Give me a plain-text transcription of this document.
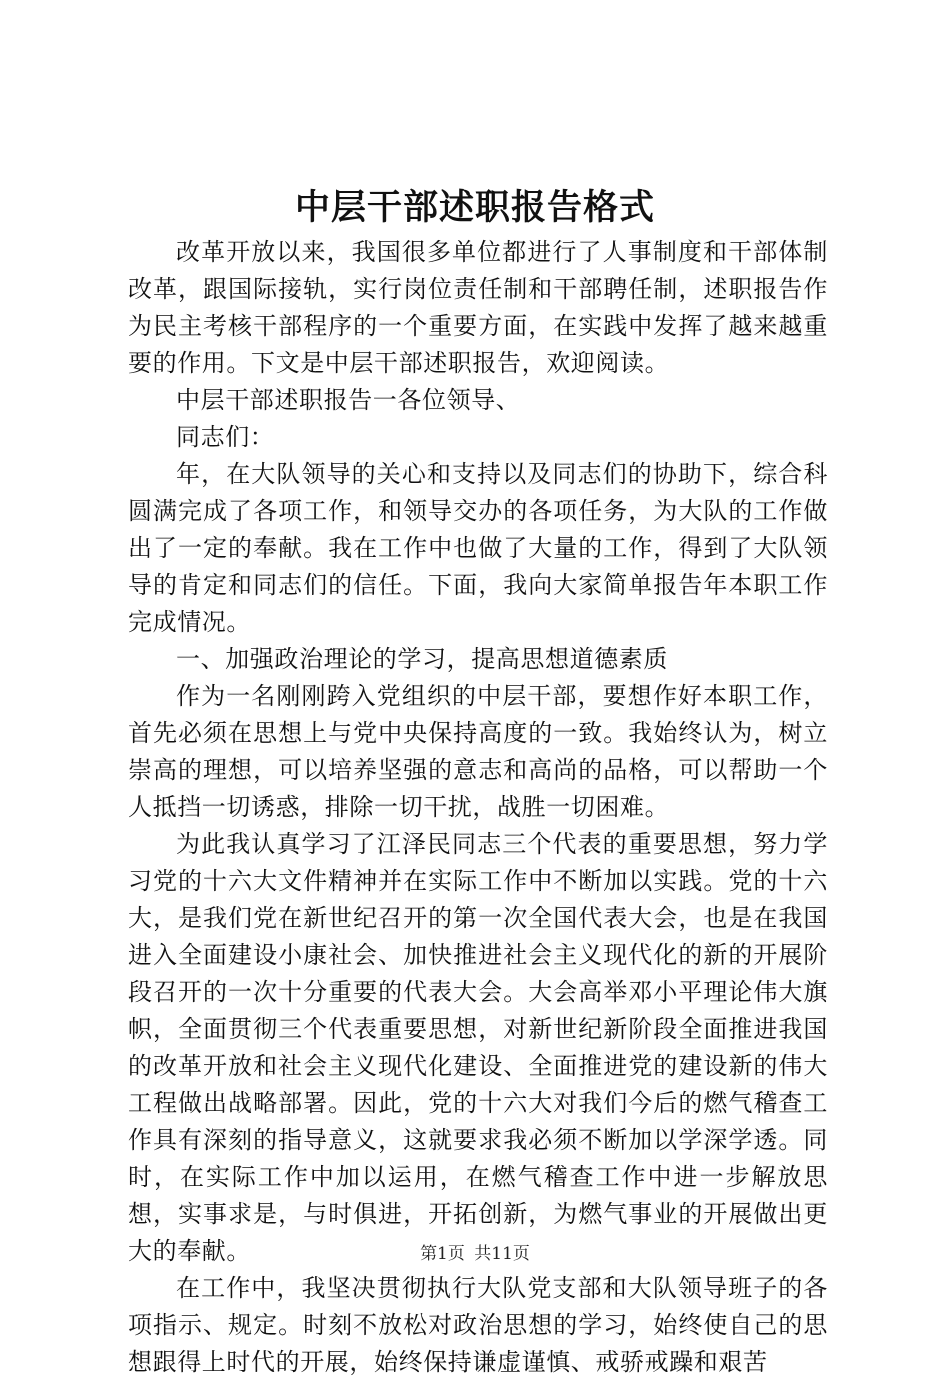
中层干部述职报告格式

改革开放以来，我国很多单位都进行了人事制度和干部体制改革，跟国际接轨，实行岗位责任制和干部聘任制，述职报告作为民主考核干部程序的一个重要方面，在实践中发挥了越来越重要的作用。下文是中层干部述职报告，欢迎阅读。

中层干部述职报告一各位领导、

同志们：

年，在大队领导的关心和支持以及同志们的协助下，综合科圆满完成了各项工作，和领导交办的各项任务，为大队的工作做出了一定的奉献。我在工作中也做了大量的工作，得到了大队领导的肯定和同志们的信任。下面，我向大家简单报告年本职工作完成情况。

一、加强政治理论的学习，提高思想道德素质

作为一名刚刚跨入党组织的中层干部，要想作好本职工作，首先必须在思想上与党中央保持高度的一致。我始终认为，树立崇高的理想，可以培养坚强的意志和高尚的品格，可以帮助一个人抵挡一切诱惑，排除一切干扰，战胜一切困难。

为此我认真学习了江泽民同志三个代表的重要思想，努力学习党的十六大文件精神并在实际工作中不断加以实践。党的十六大，是我们党在新世纪召开的第一次全国代表大会，也是在我国进入全面建设小康社会、加快推进社会主义现代化的新的开展阶段召开的一次十分重要的代表大会。大会高举邓小平理论伟大旗帜，全面贯彻三个代表重要思想，对新世纪新阶段全面推进我国的改革开放和社会主义现代化建设、全面推进党的建设新的伟大工程做出战略部署。因此，党的十六大对我们今后的燃气稽查工作具有深刻的指导意义，这就要求我必须不断加以学深学透。同时，在实际工作中加以运用，在燃气稽查工作中进一步解放思想，实事求是，与时俱进，开拓创新，为燃气事业的开展做出更大的奉献。

在工作中，我坚决贯彻执行大队党支部和大队领导班子的各项指示、规定。时刻不放松对政治思想的学习，始终使自己的思想跟得上时代的开展，始终保持谦虚谨慎、戒骄戒躁和艰苦

第1页 共11页
